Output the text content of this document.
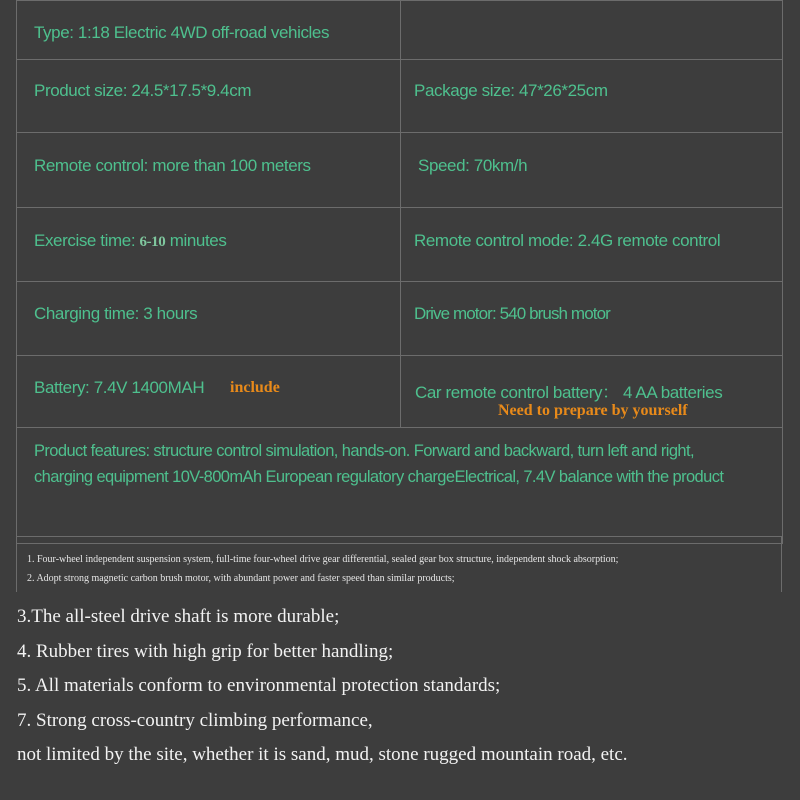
Type: 1:18 Electric 4WD off-road vehicles	

Product size: 24.5*17.5*9.4cm	Package size: 47*26*25cm

Remote control: more than 100 meters	Speed: 70km/h

Exercise time: 6-10 minutes	Remote control mode: 2.4G remote control

Charging time: 3 hours	Drive motor: 540 brush motor

Battery: 7.4V 1400MAH include	Car remote control battery： 4 AA batteries
Need to prepare by yourself

Product features: structure control simulation, hands-on. Forward and backward, turn left and right,
charging equipment 10V-800mAh European regulatory chargeElectrical, 7.4V balance with the product	
1. Four-wheel independent suspension system, full-time four-wheel drive gear differential, sealed gear box structure, independent shock absorption;
2. Adopt strong magnetic carbon brush motor, with abundant power and faster speed than similar products;
3.The all-steel drive shaft is more durable;
4. Rubber tires with high grip for better handling;
5. All materials conform to environmental protection standards;
7. Strong cross-country climbing performance,
not limited by the site, whether it is sand, mud, stone rugged mountain road, etc.
